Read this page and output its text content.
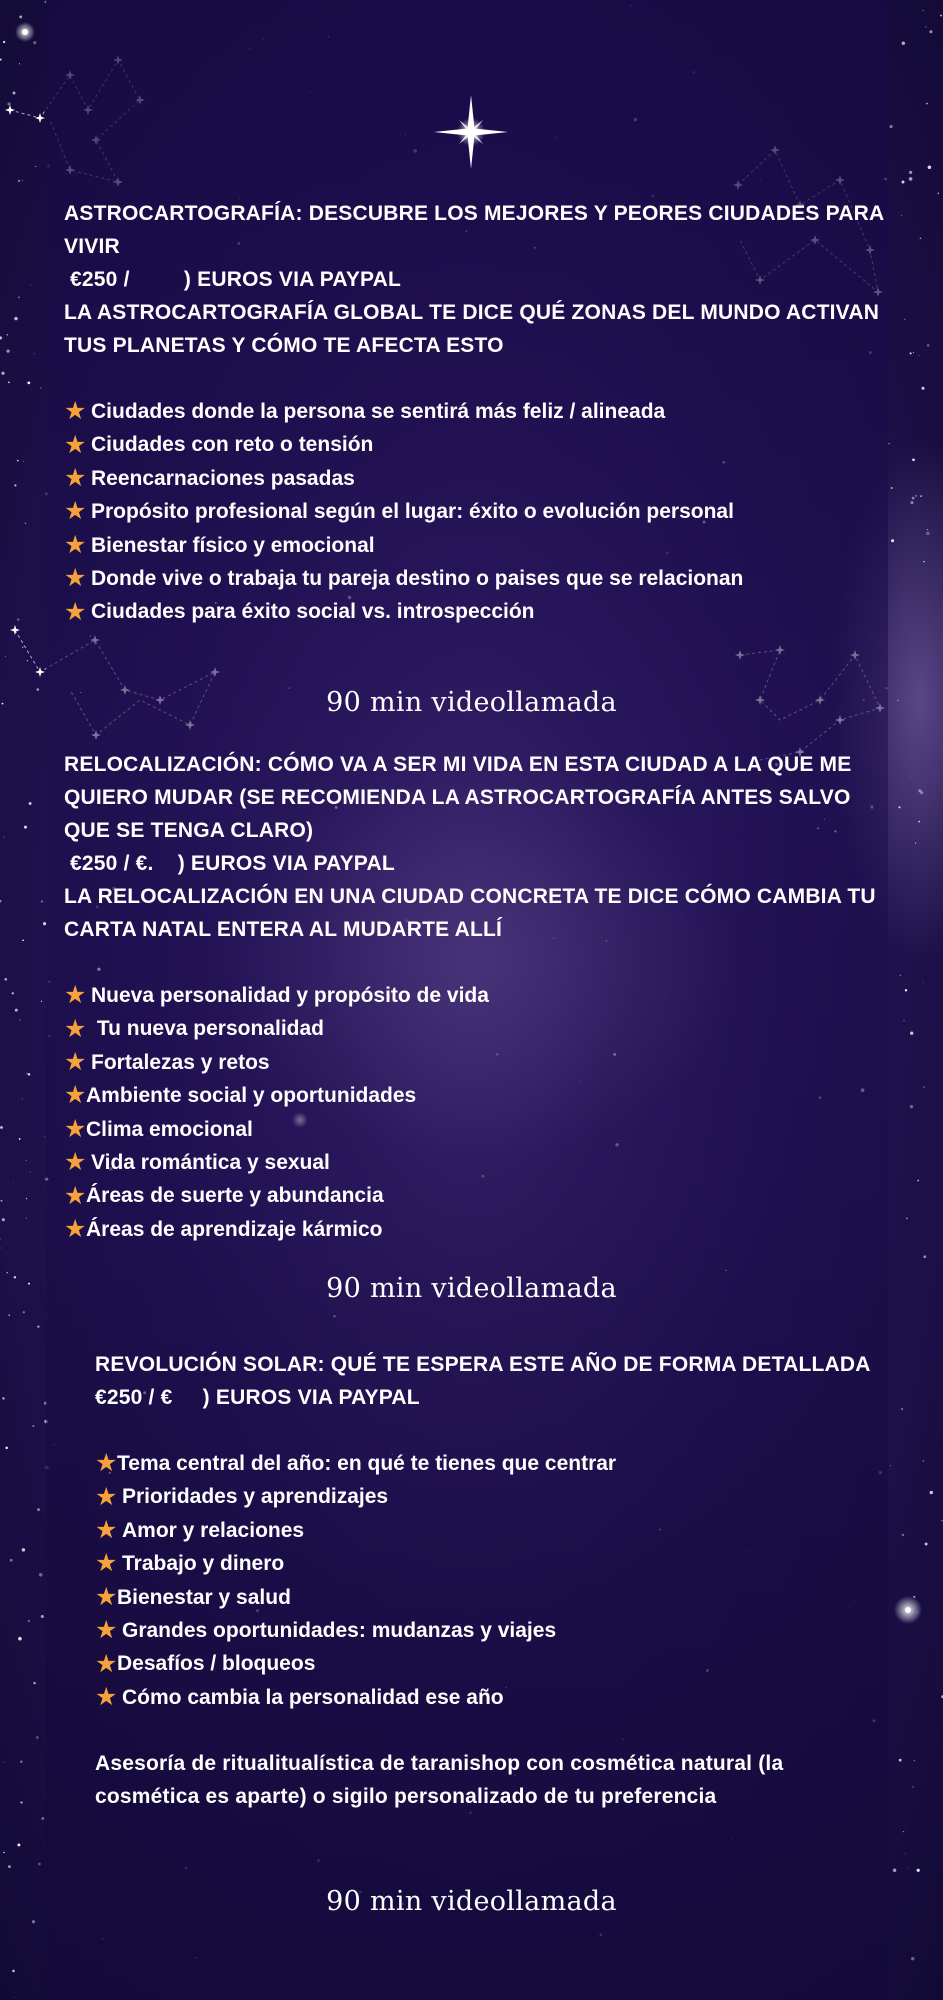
ASTROCARTOGRAFÍA: DESCUBRE LOS MEJORES Y PEORES CIUDADES PARA VIVIR

€250 /         ) EUROS VIA PAYPAL

LA ASTROCARTOGRAFÍA GLOBAL TE DICE QUÉ ZONAS DEL MUNDO ACTIVAN TUS PLANETAS Y CÓMO TE AFECTA ESTO

★ Ciudades donde la persona se sentirá más feliz / alineada
★ Ciudades con reto o tensión
★ Reencarnaciones pasadas
★ Propósito profesional según el lugar: éxito o evolución personal
★ Bienestar físico y emocional
★ Donde vive o trabaja tu pareja destino o paises que se relacionan
★ Ciudades para éxito social vs. introspección
90 min videollamada

RELOCALIZACIÓN: CÓMO VA A SER MI VIDA EN ESTA CIUDAD A LA QUE ME QUIERO MUDAR (SE RECOMIENDA LA ASTROCARTOGRAFÍA ANTES SALVO QUE SE TENGA CLARO)

€250 / €.    ) EUROS VIA PAYPAL

LA RELOCALIZACIÓN EN UNA CIUDAD CONCRETA TE DICE CÓMO CAMBIA TU CARTA NATAL ENTERA AL MUDARTE ALLÍ

★ Nueva personalidad y propósito de vida
★ Tu nueva personalidad
★ Fortalezas y retos
★ Ambiente social y oportunidades
★ Clima emocional
★ Vida romántica y sexual
★ Áreas de suerte y abundancia
★ Áreas de aprendizaje kármico
90 min videollamada

REVOLUCIÓN SOLAR: QUÉ TE ESPERA ESTE AÑO DE FORMA DETALLADA

€250 / €     ) EUROS VIA PAYPAL

★ Tema central del año: en qué te tienes que centrar
★ Prioridades y aprendizajes
★ Amor y relaciones
★ Trabajo y dinero
★ Bienestar y salud
★ Grandes oportunidades: mudanzas y viajes
★ Desafíos / bloqueos
★ Cómo cambia la personalidad ese año

Asesoría de ritualitualística de taranishop con cosmética natural (la cosmética es aparte) o sigilo personalizado de tu preferencia

90 min videollamada
